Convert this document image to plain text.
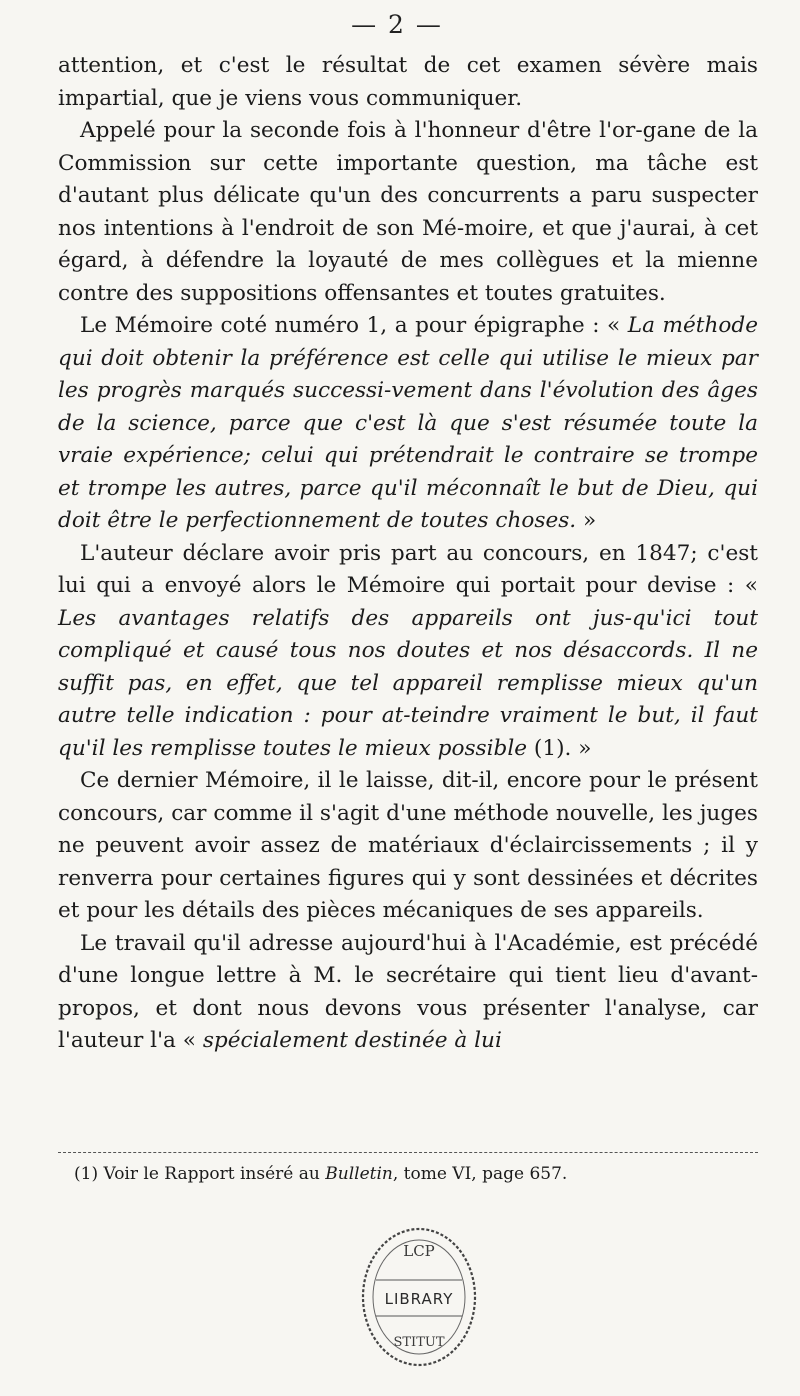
— 2 —

attention, et c'est le résultat de cet examen sévère mais impartial, que je viens vous communiquer.

Appelé pour la seconde fois à l'honneur d'être l'or-gane de la Commission sur cette importante question, ma tâche est d'autant plus délicate qu'un des concurrents a paru suspecter nos intentions à l'endroit de son Mé-moire, et que j'aurai, à cet égard, à défendre la loyauté de mes collègues et la mienne contre des suppositions offensantes et toutes gratuites.

Le Mémoire coté numéro 1, a pour épigraphe : « La méthode qui doit obtenir la préférence est celle qui utilise le mieux par les progrès marqués successi-vement dans l'évolution des âges de la science, parce que c'est là que s'est résumée toute la vraie expérience; celui qui prétendrait le contraire se trompe et trompe les autres, parce qu'il méconnaît le but de Dieu, qui doit être le perfectionnement de toutes choses. »

L'auteur déclare avoir pris part au concours, en 1847; c'est lui qui a envoyé alors le Mémoire qui portait pour devise : « Les avantages relatifs des appareils ont jus-qu'ici tout compliqué et causé tous nos doutes et nos désaccords. Il ne suffit pas, en effet, que tel appareil remplisse mieux qu'un autre telle indication : pour at-teindre vraiment le but, il faut qu'il les remplisse toutes le mieux possible (1). »

Ce dernier Mémoire, il le laisse, dit-il, encore pour le présent concours, car comme il s'agit d'une méthode nouvelle, les juges ne peuvent avoir assez de matériaux d'éclaircissements ; il y renverra pour certaines figures qui y sont dessinées et décrites et pour les détails des pièces mécaniques de ses appareils.

Le travail qu'il adresse aujourd'hui à l'Académie, est précédé d'une longue lettre à M. le secrétaire qui tient lieu d'avant-propos, et dont nous devons vous présenter l'analyse, car l'auteur l'a « spécialement destinée à lui

(1) Voir le Rapport inséré au Bulletin, tome VI, page 657.
LCP
LIBRARY
STITUT
